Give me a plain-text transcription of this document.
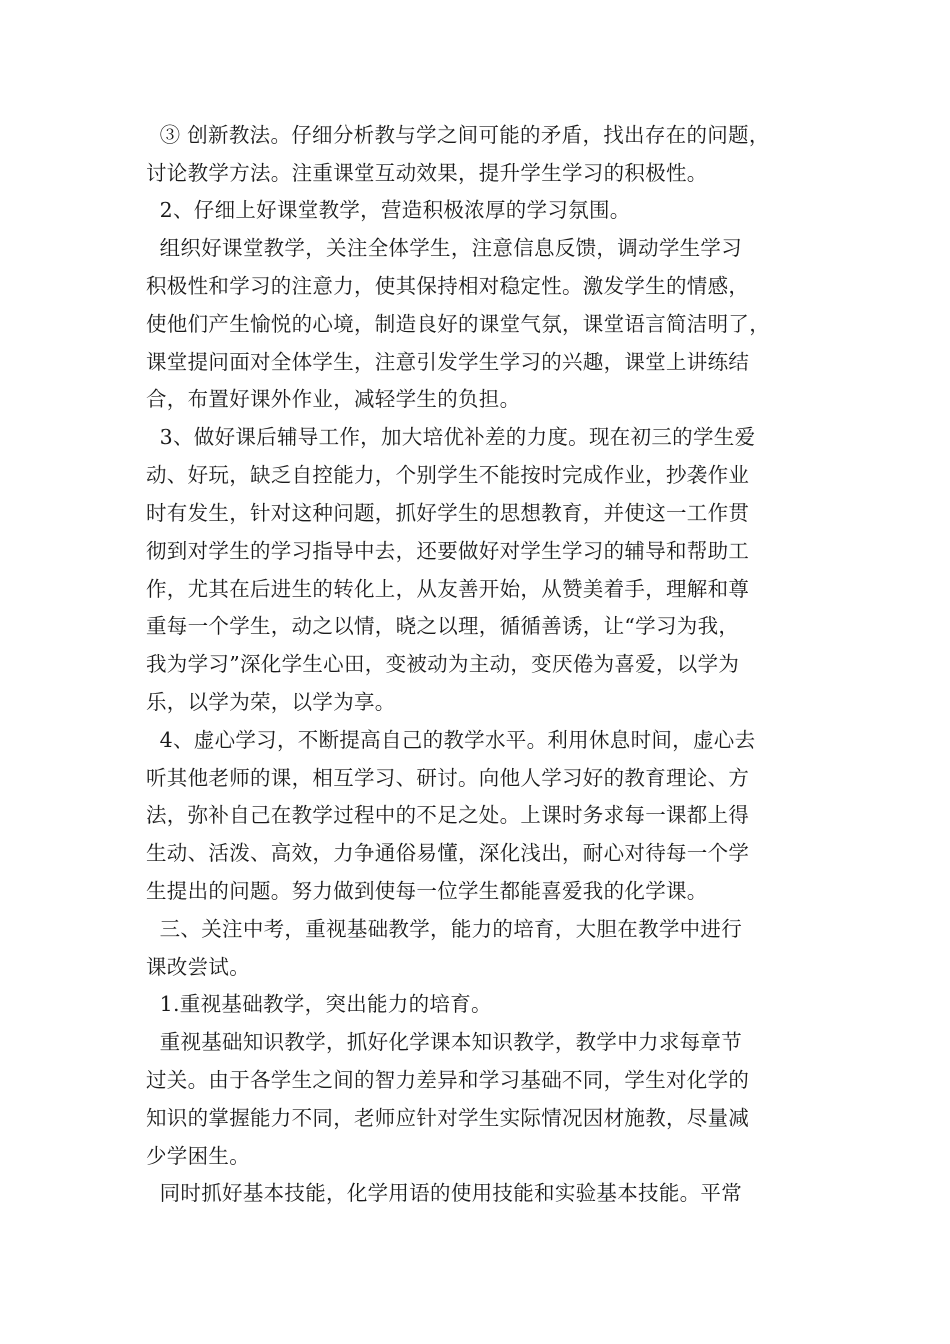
③ 创新教法。仔细分析教与学之间可能的矛盾，找出存在的问题，
讨论教学方法。注重课堂互动效果，提升学生学习的积极性。
2、仔细上好课堂教学，营造积极浓厚的学习氛围。
组织好课堂教学，关注全体学生，注意信息反馈，调动学生学习
积极性和学习的注意力，使其保持相对稳定性。激发学生的情感，
使他们产生愉悦的心境，制造良好的课堂气氛，课堂语言简洁明了，
课堂提问面对全体学生，注意引发学生学习的兴趣，课堂上讲练结
合，布置好课外作业，减轻学生的负担。
3、做好课后辅导工作，加大培优补差的力度。现在初三的学生爱
动、好玩，缺乏自控能力，个别学生不能按时完成作业，抄袭作业
时有发生，针对这种问题，抓好学生的思想教育，并使这一工作贯
彻到对学生的学习指导中去，还要做好对学生学习的辅导和帮助工
作，尤其在后进生的转化上，从友善开始，从赞美着手，理解和尊
重每一个学生，动之以情，晓之以理，循循善诱，让“学习为我，
我为学习”深化学生心田，变被动为主动，变厌倦为喜爱，以学为
乐，以学为荣，以学为享。
4、虚心学习，不断提高自己的教学水平。利用休息时间，虚心去
听其他老师的课，相互学习、研讨。向他人学习好的教育理论、方
法，弥补自己在教学过程中的不足之处。上课时务求每一课都上得
生动、活泼、高效，力争通俗易懂，深化浅出，耐心对待每一个学
生提出的问题。努力做到使每一位学生都能喜爱我的化学课。
三、关注中考，重视基础教学，能力的培育，大胆在教学中进行
课改尝试。
1.重视基础教学，突出能力的培育。
重视基础知识教学，抓好化学课本知识教学，教学中力求每章节
过关。由于各学生之间的智力差异和学习基础不同，学生对化学的
知识的掌握能力不同，老师应针对学生实际情况因材施教，尽量减
少学困生。
同时抓好基本技能，化学用语的使用技能和实验基本技能。平常
